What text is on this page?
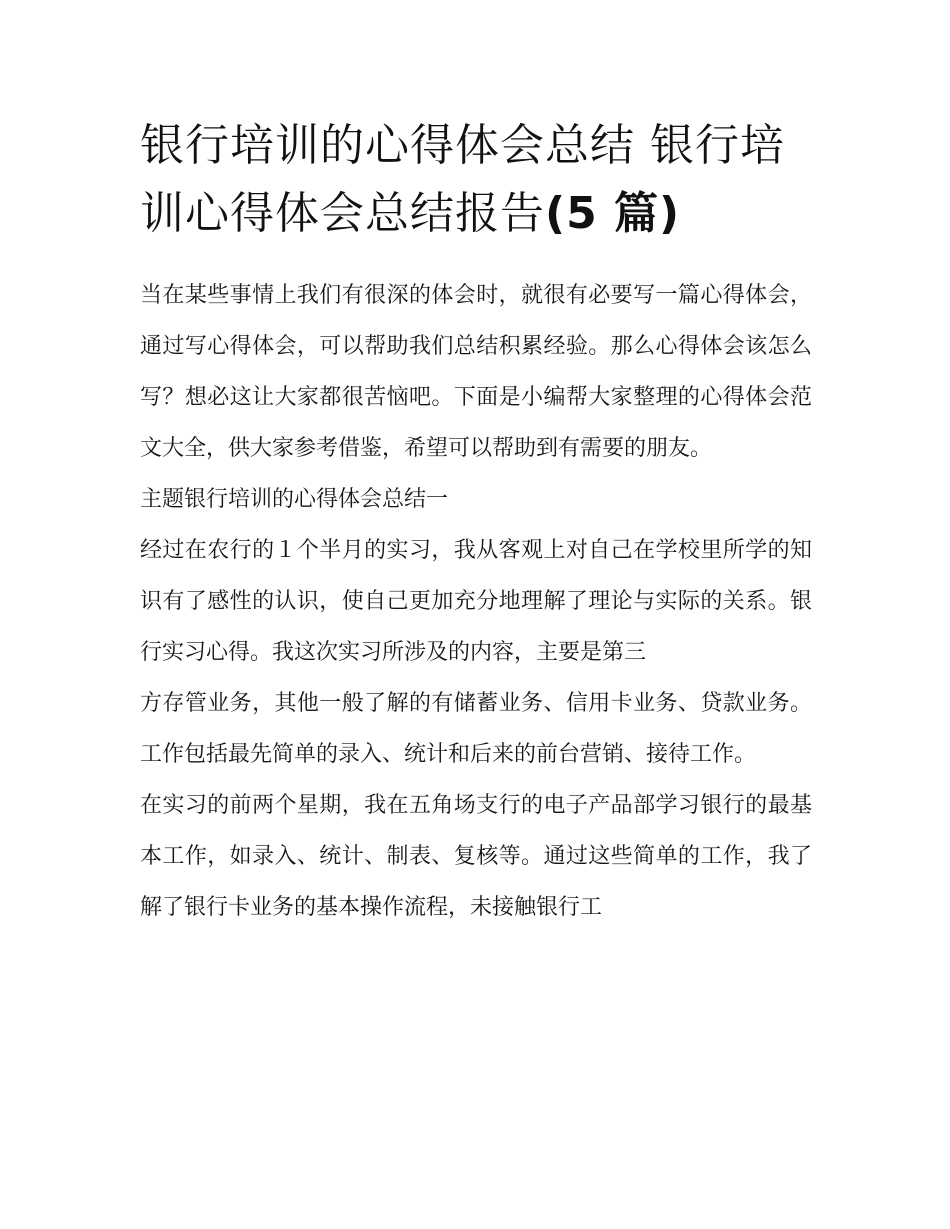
银行培训的心得体会总结 银行培训心得体会总结报告(5 篇)

当在某些事情上我们有很深的体会时，就很有必要写一篇心得体会，通过写心得体会，可以帮助我们总结积累经验。那么心得体会该怎么写？想必这让大家都很苦恼吧。下面是小编帮大家整理的心得体会范文大全，供大家参考借鉴，希望可以帮助到有需要的朋友。

主题银行培训的心得体会总结一

经过在农行的１个半月的实习，我从客观上对自己在学校里所学的知识有了感性的认识，使自己更加充分地理解了理论与实际的关系。银行实习心得。我这次实习所涉及的内容，主要是第三

方存管业务，其他一般了解的有储蓄业务、信用卡业务、贷款业务。工作包括最先简单的录入、统计和后来的前台营销、接待工作。

在实习的前两个星期，我在五角场支行的电子产品部学习银行的最基本工作，如录入、统计、制表、复核等。通过这些简单的工作，我了解了银行卡业务的基本操作流程，未接触银行工
